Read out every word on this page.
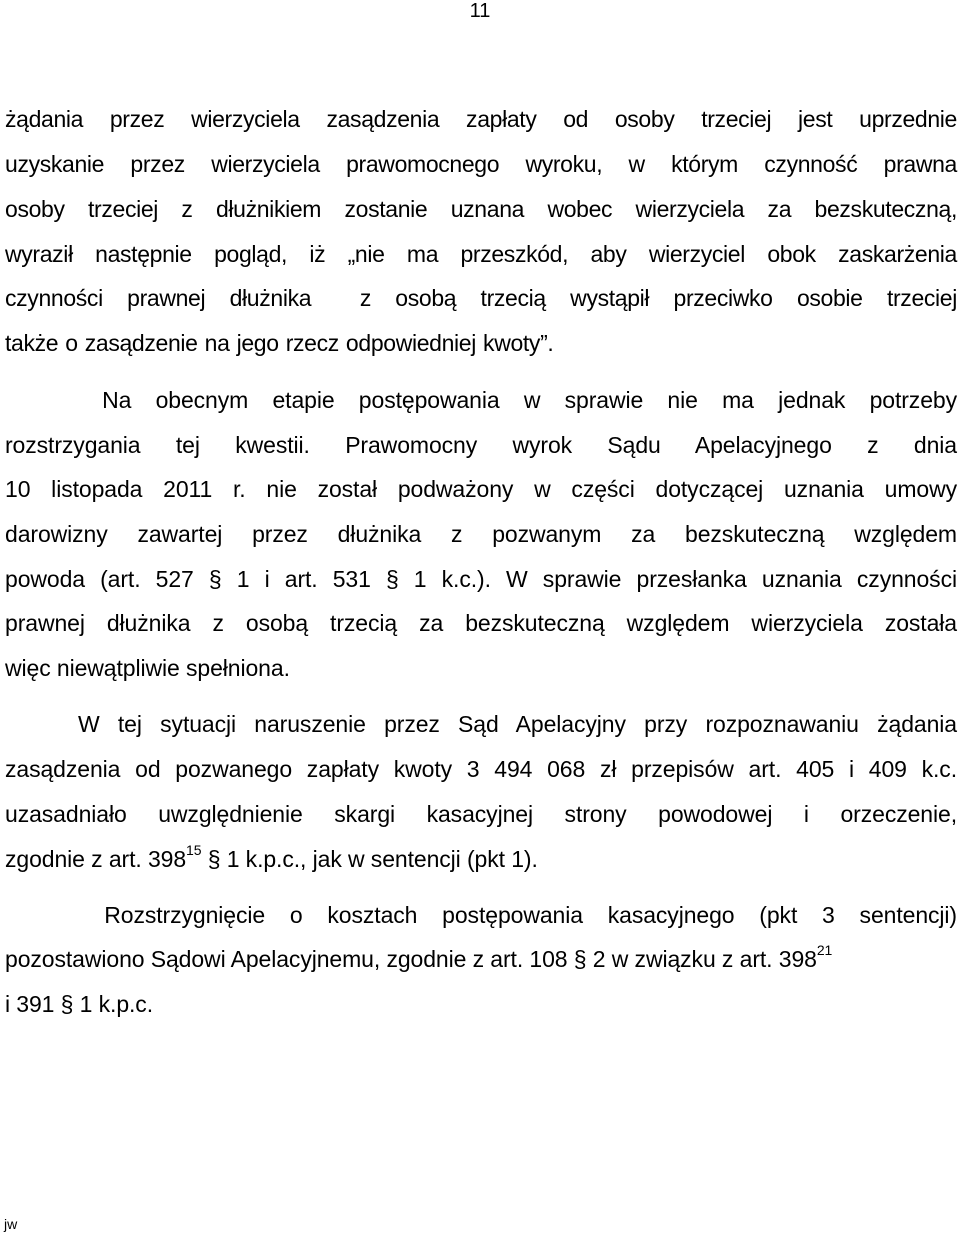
11
żądania przez wierzyciela zasądzenia zapłaty od osoby trzeciej jest uprzednie
uzyskanie przez wierzyciela prawomocnego wyroku, w którym czynność prawna
osoby trzeciej z dłużnikiem zostanie uznana wobec wierzyciela za bezskuteczną,
wyraził następnie pogląd, iż „nie ma przeszkód, aby wierzyciel obok zaskarżenia
czynności prawnej dłużnika  z osobą trzecią wystąpił przeciwko osobie trzeciej
także o zasądzenie na jego rzecz odpowiedniej kwoty”.
Na obecnym etapie postępowania w sprawie nie ma jednak potrzeby
rozstrzygania tej kwestii. Prawomocny wyrok Sądu Apelacyjnego z dnia
10 listopada 2011 r. nie został podważony w części dotyczącej uznania umowy
darowizny zawartej przez dłużnika z pozwanym za bezskuteczną względem
powoda (art. 527 § 1 i art. 531 § 1 k.c.). W sprawie przesłanka uznania czynności
prawnej dłużnika z osobą trzecią za bezskuteczną względem wierzyciela została
więc niewątpliwie spełniona.
W tej sytuacji naruszenie przez Sąd Apelacyjny przy rozpoznawaniu żądania
zasądzenia od pozwanego zapłaty kwoty 3 494 068 zł przepisów art. 405 i 409 k.c.
uzasadniało uwzględnienie skargi kasacyjnej strony powodowej i orzeczenie,
zgodnie z art. $398^{15}$ § 1 k.p.c., jak w sentencji (pkt 1).
Rozstrzygnięcie o kosztach postępowania kasacyjnego (pkt 3 sentencji)
pozostawiono Sądowi Apelacyjnemu, zgodnie z art. 108 § 2 w związku z art. $398^{21}$
i 391 § 1 k.p.c.
jw
